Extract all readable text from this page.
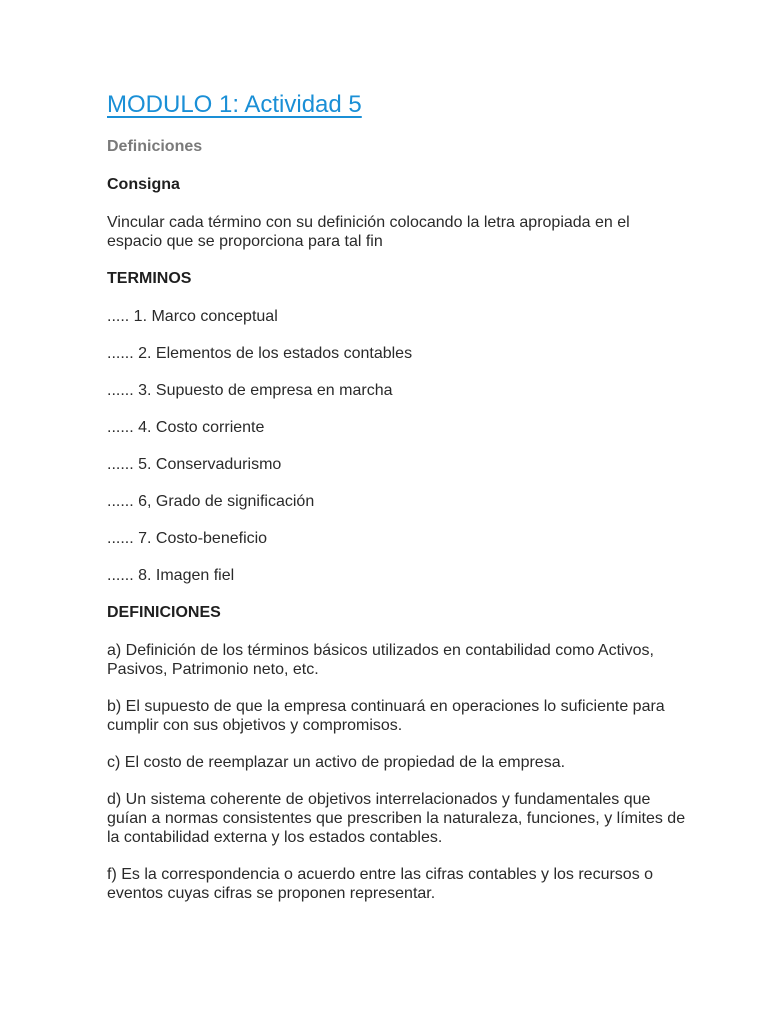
MODULO 1: Actividad 5
Definiciones
Consigna
Vincular cada término con su definición colocando la letra apropiada en el espacio que se proporciona para tal fin
TERMINOS
..... 1. Marco conceptual
...... 2. Elementos de los estados contables
...... 3. Supuesto de empresa en marcha
...... 4. Costo corriente
...... 5. Conservadurismo
...... 6, Grado de significación
...... 7. Costo-beneficio
...... 8. Imagen fiel
DEFINICIONES
a) Definición de los términos básicos utilizados en contabilidad como Activos, Pasivos, Patrimonio neto, etc.
b) El supuesto de que la empresa continuará en operaciones lo suficiente para cumplir con sus objetivos y compromisos.
c) El costo de reemplazar un activo de propiedad de la empresa.
d) Un sistema coherente de objetivos interrelacionados y fundamentales que guían a normas consistentes que prescriben la naturaleza, funciones, y límites de la contabilidad externa y los estados contables.
f) Es la correspondencia o acuerdo entre las cifras contables y los recursos o eventos cuyas cifras se proponen representar.
